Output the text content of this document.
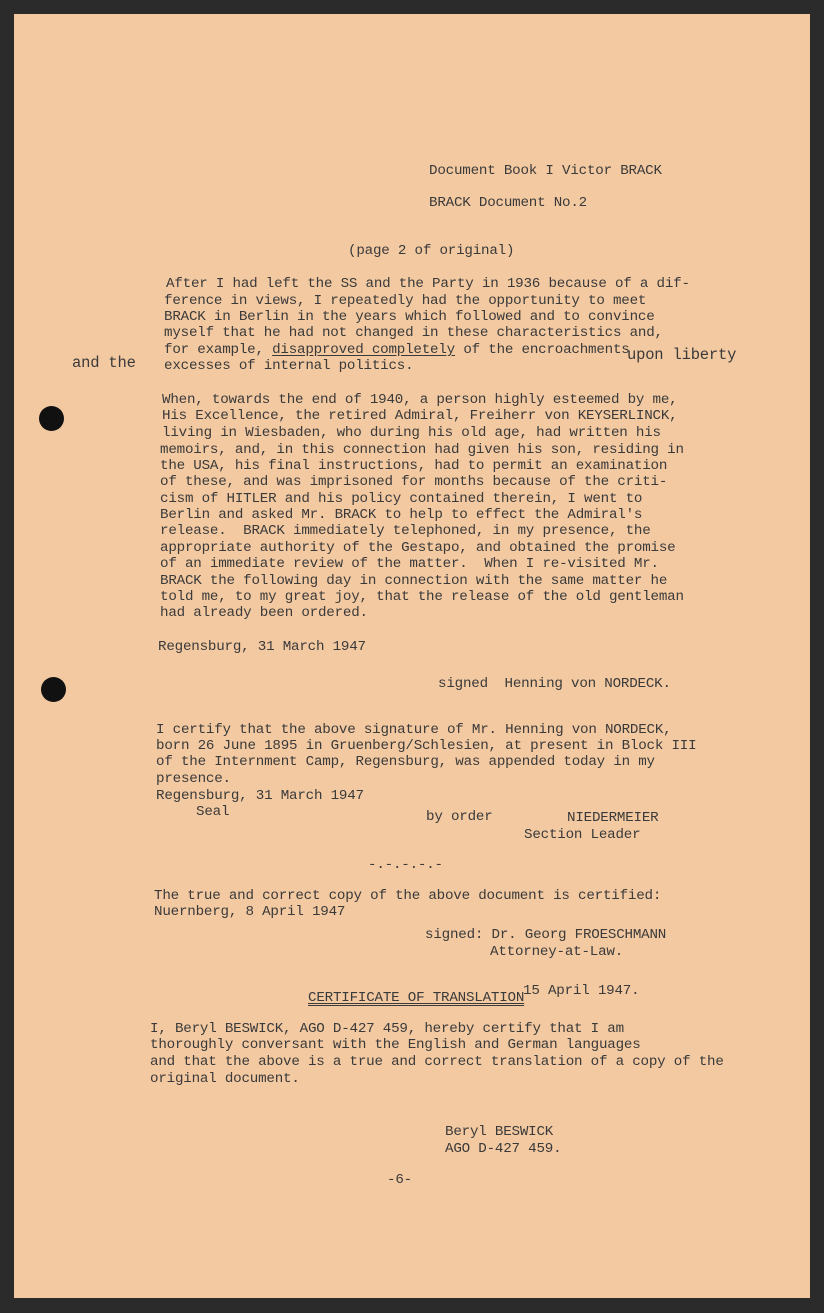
Document Book I Victor BRACK
BRACK Document No.2
(page 2 of original)
After I had left the SS and the Party in 1936 because of a dif-
ference in views, I repeatedly had the opportunity to meet
BRACK in Berlin in the years which followed and to convince
myself that he had not changed in these characteristics and,
for example, disapproved completely of the encroachments
upon liberty
and the excesses of internal politics.
When, towards the end of 1940, a person highly esteemed by me,
His Excellence, the retired Admiral, Freiherr von KEYSERLINCK,
living in Wiesbaden, who during his old age, had written his
memoirs, and, in this connection had given his son, residing in
the USA, his final instructions, had to permit an examination
of these, and was imprisoned for months because of the criti-
cism of HITLER and his policy contained therein, I went to
Berlin and asked Mr. BRACK to help to effect the Admiral's
release.  BRACK immediately telephoned, in my presence, the
appropriate authority of the Gestapo, and obtained the promise
of an immediate review of the matter.  When I re-visited Mr.
BRACK the following day in connection with the same matter he
told me, to my great joy, that the release of the old gentleman
had already been ordered.
Regensburg, 31 March 1947
signed  Henning von NORDECK.
I certify that the above signature of Mr. Henning von NORDECK,
born 26 June 1895 in Gruenberg/Schlesien, at present in Block III
of the Internment Camp, Regensburg, was appended today in my
presence.
Regensburg, 31 March 1947
Seal	by order	NIEDERMEIER
Section Leader
-.-.-.-.-
The true and correct copy of the above document is certified:
Nuernberg, 8 April 1947
signed: Dr. Georg FROESCHMANN
Attorney-at-Law.
CERTIFICATE OF TRANSLATION
15 April 1947.
I, Beryl BESWICK, AGO D-427 459, hereby certify that I am
thoroughly conversant with the English and German languages
and that the above is a true and correct translation of a copy of the
original document.
Beryl BESWICK
AGO D-427 459.
-6-
